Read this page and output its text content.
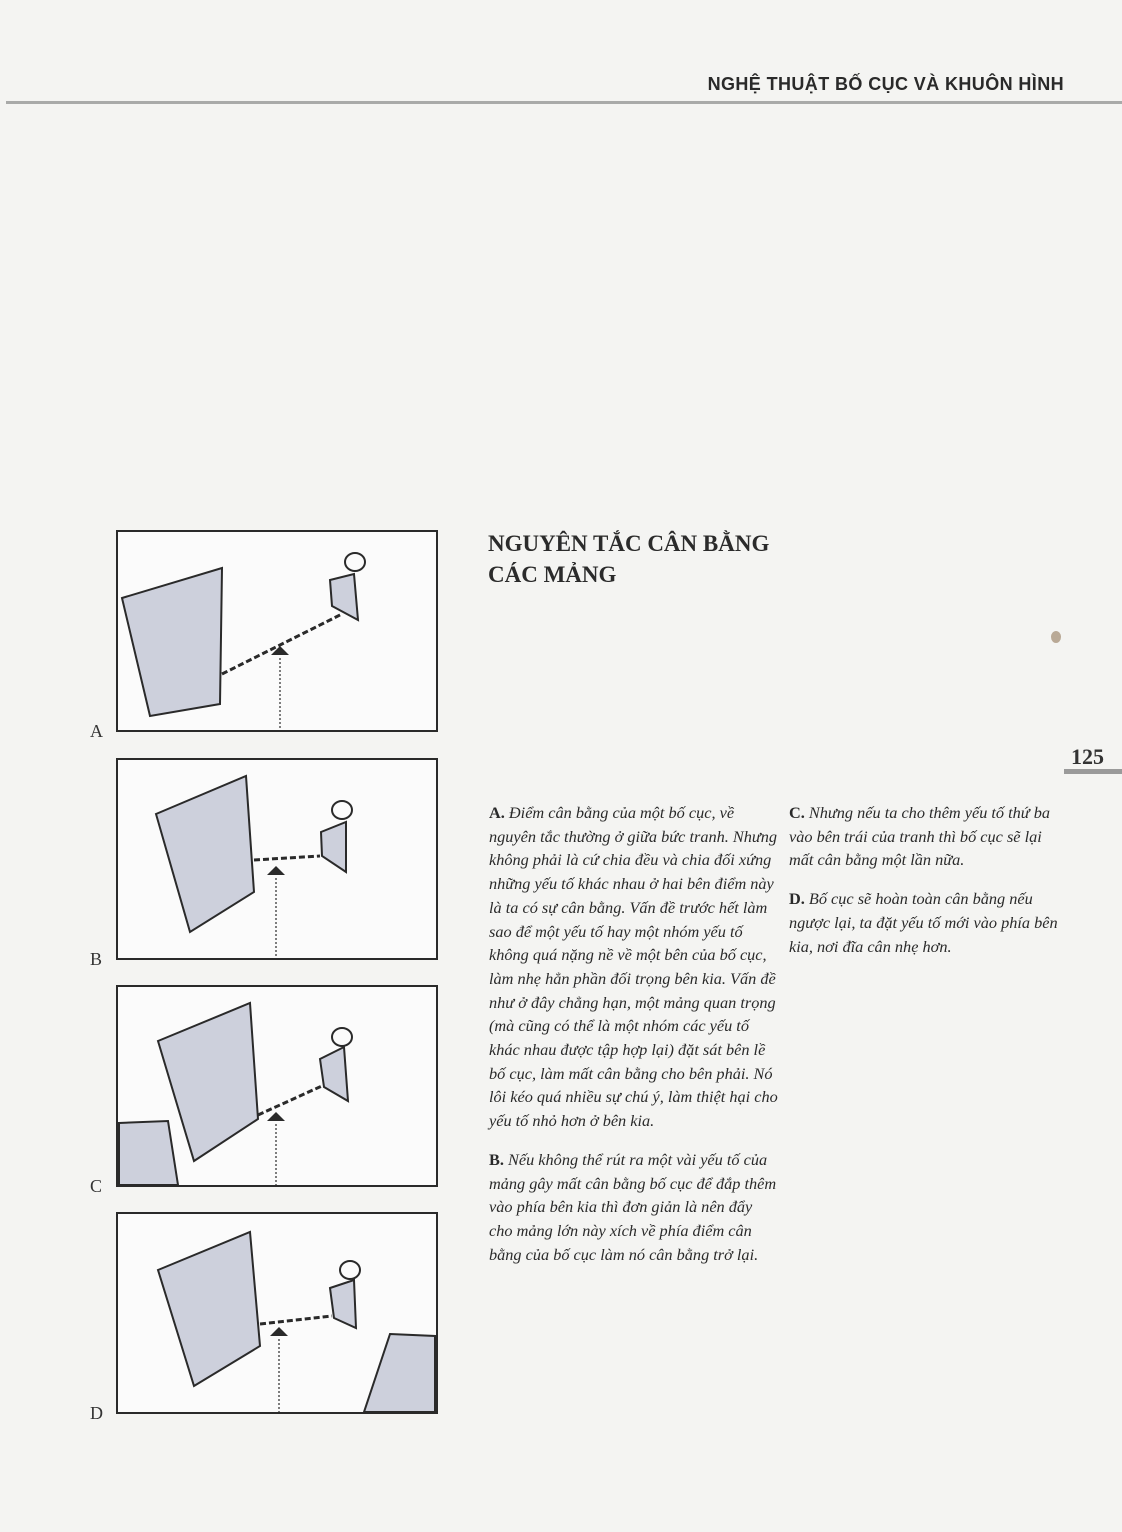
NGHỆ THUẬT BỐ CỤC VÀ KHUÔN HÌNH
125
NGUYÊN TẮC CÂN BẰNG
CÁC MẢNG
A
B
C
D

A. Điểm cân bằng của một bố cục, về nguyên tắc thường ở giữa bức tranh. Nhưng không phải là cứ chia đều và chia đối xứng những yếu tố khác nhau ở hai bên điểm này là ta có sự cân bằng. Vấn đề trước hết làm sao để một yếu tố hay một nhóm yếu tố không quá nặng nề về một bên của bố cục, làm nhẹ hẳn phần đối trọng bên kia. Vấn đề như ở đây chẳng hạn, một mảng quan trọng (mà cũng có thể là một nhóm các yếu tố khác nhau được tập hợp lại) đặt sát bên lề bố cục, làm mất cân bằng cho bên phải. Nó lôi kéo quá nhiều sự chú ý, làm thiệt hại cho yếu tố nhỏ hơn ở bên kia.

B. Nếu không thể rút ra một vài yếu tố của mảng gây mất cân bằng bố cục để đắp thêm vào phía bên kia thì đơn giản là nên đẩy cho mảng lớn này xích về phía điểm cân bằng của bố cục làm nó cân bằng trở lại.

C. Nhưng nếu ta cho thêm yếu tố thứ ba vào bên trái của tranh thì bố cục sẽ lại mất cân bằng một lần nữa.

D. Bố cục sẽ hoàn toàn cân bằng nếu ngược lại, ta đặt yếu tố mới vào phía bên kia, nơi đĩa cân nhẹ hơn.
